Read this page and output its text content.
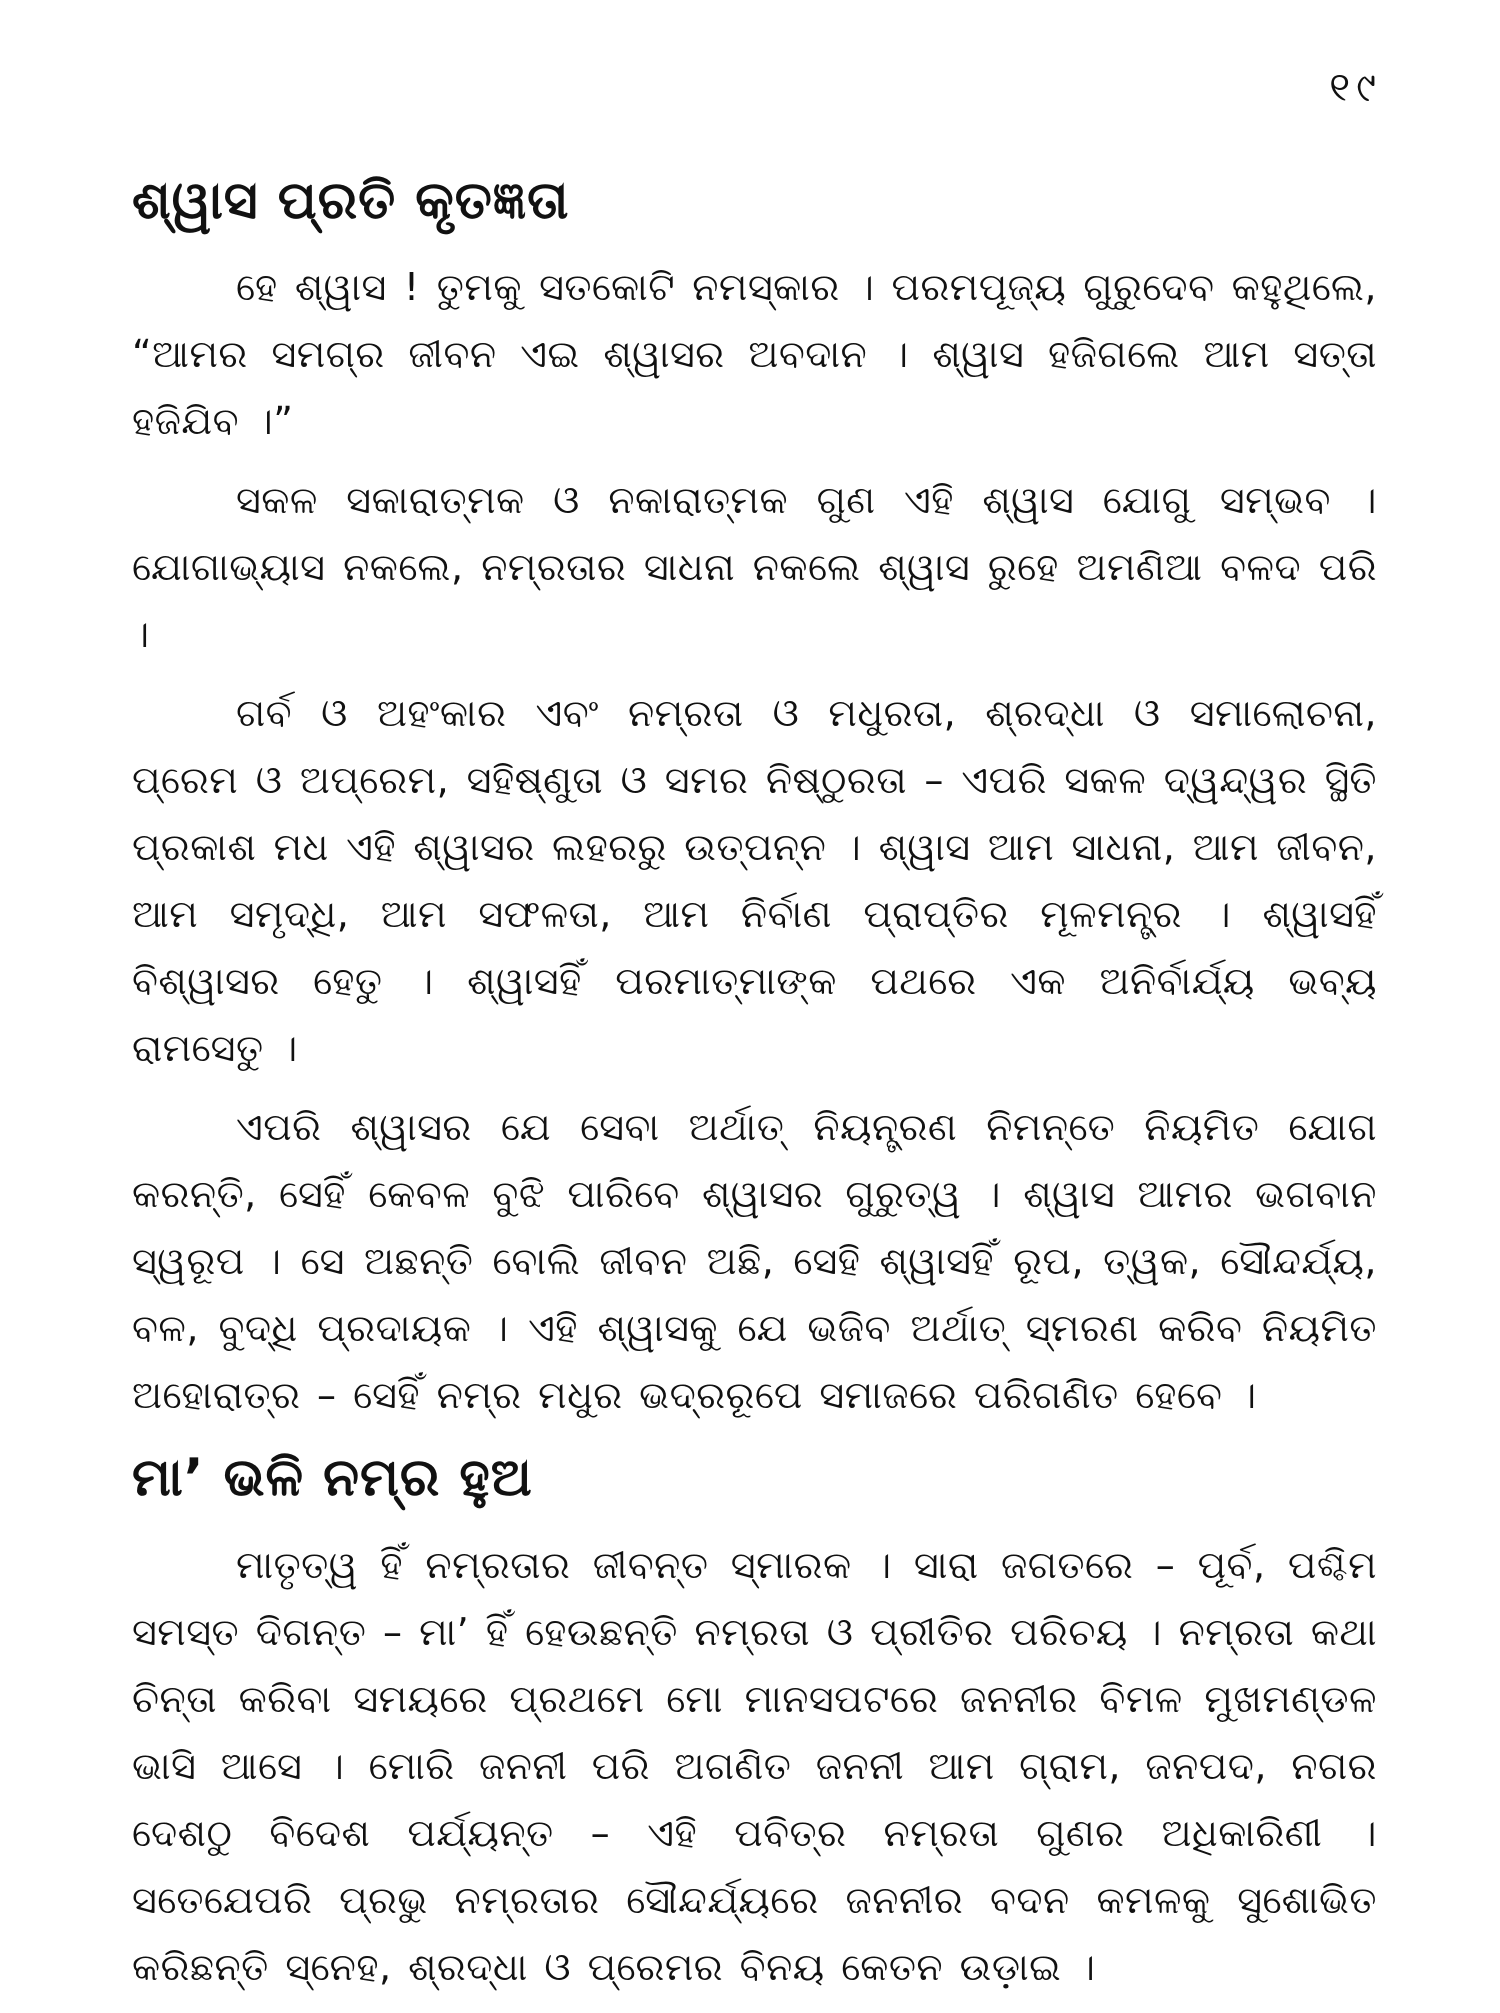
୧୯
ଶ୍ୱାସ ପ୍ରତି କୃତଜ୍ଞତା

ହେ ଶ୍ୱାସ ! ତୁମକୁ ସତକୋଟି ନମସ୍କାର । ପରମପୂଜ୍ୟ ଗୁରୁଦେବ କହୁଥିଲେ, “ଆମର ସମଗ୍ର ଜୀବନ ଏଇ ଶ୍ୱାସର ଅବଦାନ । ଶ୍ୱାସ ହଜିଗଲେ ଆମ ସତ୍ତା ହଜିଯିବ ।”

ସକଳ ସକାରାତ୍ମକ ଓ ନକାରାତ୍ମକ ଗୁଣ ଏହି ଶ୍ୱାସ ଯୋଗୁ ସମ୍ଭବ । ଯୋଗାଭ୍ୟାସ ନକଲେ, ନମ୍ରତାର ସାଧନା ନକଲେ ଶ୍ୱାସ ରୁହେ ଅମଣିଆ ବଳଦ ପରି ।

ଗର୍ବ ଓ ଅହଂକାର ଏବଂ ନମ୍ରତା ଓ ମଧୁରତା, ଶ୍ରଦ୍ଧା ଓ ସମାଲୋଚନା, ପ୍ରେମ ଓ ଅପ୍ରେମ, ସହିଷ୍ଣୁତା ଓ ସମର ନିଷ୍ଠୁରତା – ଏପରି ସକଳ ଦ୍ୱନ୍ଦ୍ୱର ସ୍ଥିତି ପ୍ରକାଶ ମଧ ଏହି ଶ୍ୱାସର ଲହରରୁ ଉତ୍ପନ୍ନ । ଶ୍ୱାସ ଆମ ସାଧନା, ଆମ ଜୀବନ, ଆମ ସମୃଦ୍ଧି, ଆମ ସଫଳତା, ଆମ ନିର୍ବାଣ ପ୍ରାପ୍ତିର ମୂଳମନ୍ତ୍ର । ଶ୍ୱାସହିଁ ବିଶ୍ୱାସର ହେତୁ । ଶ୍ୱାସହିଁ ପରମାତ୍ମାଙ୍କ ପଥରେ ଏକ ଅନିର୍ବାର୍ଯ୍ୟ ଭବ୍ୟ ରାମସେତୁ ।

ଏପରି ଶ୍ୱାସର ଯେ ସେବା ଅର୍ଥାତ୍ ନିୟନ୍ତ୍ରଣ ନିମନ୍ତେ ନିୟମିତ ଯୋଗ କରନ୍ତି, ସେହିଁ କେବଳ ବୁଝି ପାରିବେ ଶ୍ୱାସର ଗୁରୁତ୍ୱ । ଶ୍ୱାସ ଆମର ଭଗବାନ ସ୍ୱରୂପ । ସେ ଅଛନ୍ତି ବୋଲି ଜୀବନ ଅଛି, ସେହି ଶ୍ୱାସହିଁ ରୂପ, ତ୍ୱକ, ସୌନ୍ଦର୍ଯ୍ୟ, ବଳ, ବୁଦ୍ଧି ପ୍ରଦାୟକ । ଏହି ଶ୍ୱାସକୁ ଯେ ଭଜିବ ଅର୍ଥାତ୍ ସ୍ମରଣ କରିବ ନିୟମିତ ଅହୋରାତ୍ର – ସେହିଁ ନମ୍ର ମଧୁର ଭଦ୍ରରୂପେ ସମାଜରେ ପରିଗଣିତ ହେବେ ।

ମା’ ଭଳି ନମ୍ର ହୁଅ

ମାତୃତ୍ୱ ହିଁ ନମ୍ରତାର ଜୀବନ୍ତ ସ୍ମାରକ । ସାରା ଜଗତରେ – ପୂର୍ବ, ପଶ୍ଚିମ ସମସ୍ତ ଦିଗନ୍ତ – ମା’ ହିଁ ହେଉଛନ୍ତି ନମ୍ରତା ଓ ପ୍ରୀତିର ପରିଚୟ । ନମ୍ରତା କଥା ଚିନ୍ତା କରିବା ସମୟରେ ପ୍ରଥମେ ମୋ ମାନସପଟରେ ଜନନୀର ବିମଳ ମୁଖମଣ୍ଡଳ ଭାସି ଆସେ । ମୋରି ଜନନୀ ପରି ଅଗଣିତ ଜନନୀ ଆମ ଗ୍ରାମ, ଜନପଦ, ନଗର ଦେଶଠୁ ବିଦେଶ ପର୍ଯ୍ୟନ୍ତ – ଏହି ପବିତ୍ର ନମ୍ରତା ଗୁଣର ଅଧିକାରିଣୀ । ସତେଯେପରି ପ୍ରଭୁ ନମ୍ରତାର ସୌନ୍ଦର୍ଯ୍ୟରେ ଜନନୀର ବଦନ କମଳକୁ ସୁଶୋଭିତ କରିଛନ୍ତି ସ୍ନେହ, ଶ୍ରଦ୍ଧା ଓ ପ୍ରେମର ବିନୟ କେତନ ଉଡ଼ାଇ ।
